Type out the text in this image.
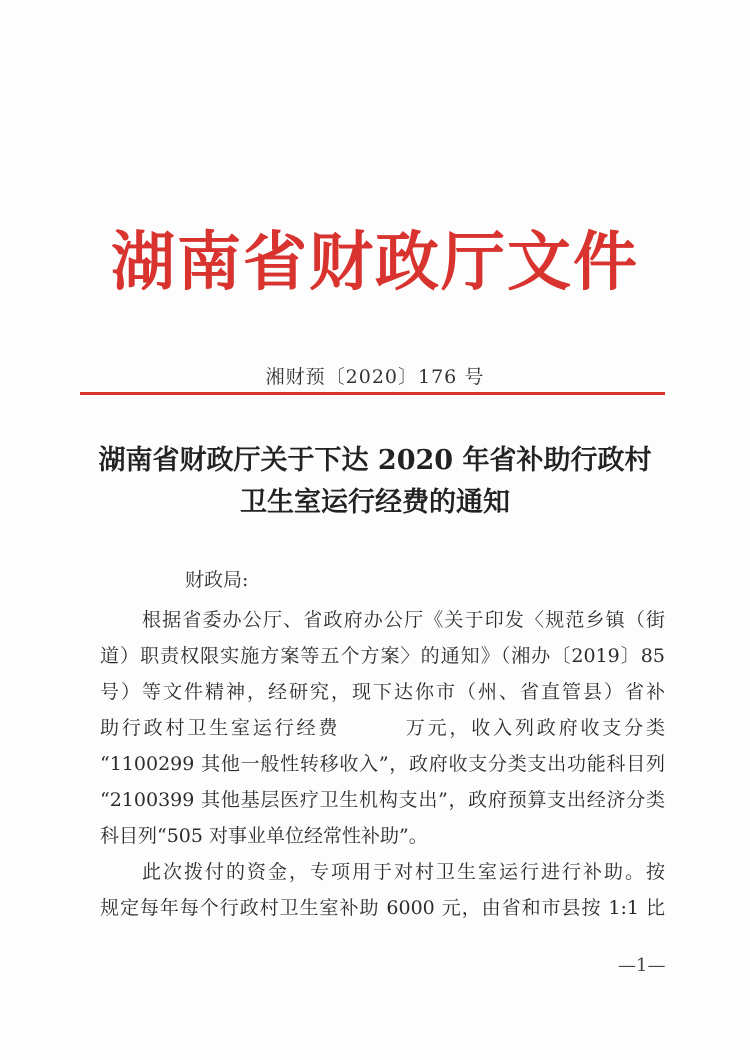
湖南省财政厅文件
湘财预〔2020〕176 号
湖南省财政厅关于下达 2020 年省补助行政村
卫生室运行经费的通知
财政局:
根据省委办公厅、省政府办公厅《关于印发〈规范乡镇（街
道）职责权限实施方案等五个方案〉的通知》（湘办〔2019〕85
号）等文件精神，经研究，现下达你市（州、省直管县）省补
助行政村卫生室运行经费　　　万元，收入列政府收支分类
“1100299 其他一般性转移收入”，政府收支分类支出功能科目列
“2100399 其他基层医疗卫生机构支出”，政府预算支出经济分类
科目列“505 对事业单位经常性补助”。
此次拨付的资金，专项用于对村卫生室运行进行补助。按
规定每年每个行政村卫生室补助 6000 元，由省和市县按 1:1 比
—1—
